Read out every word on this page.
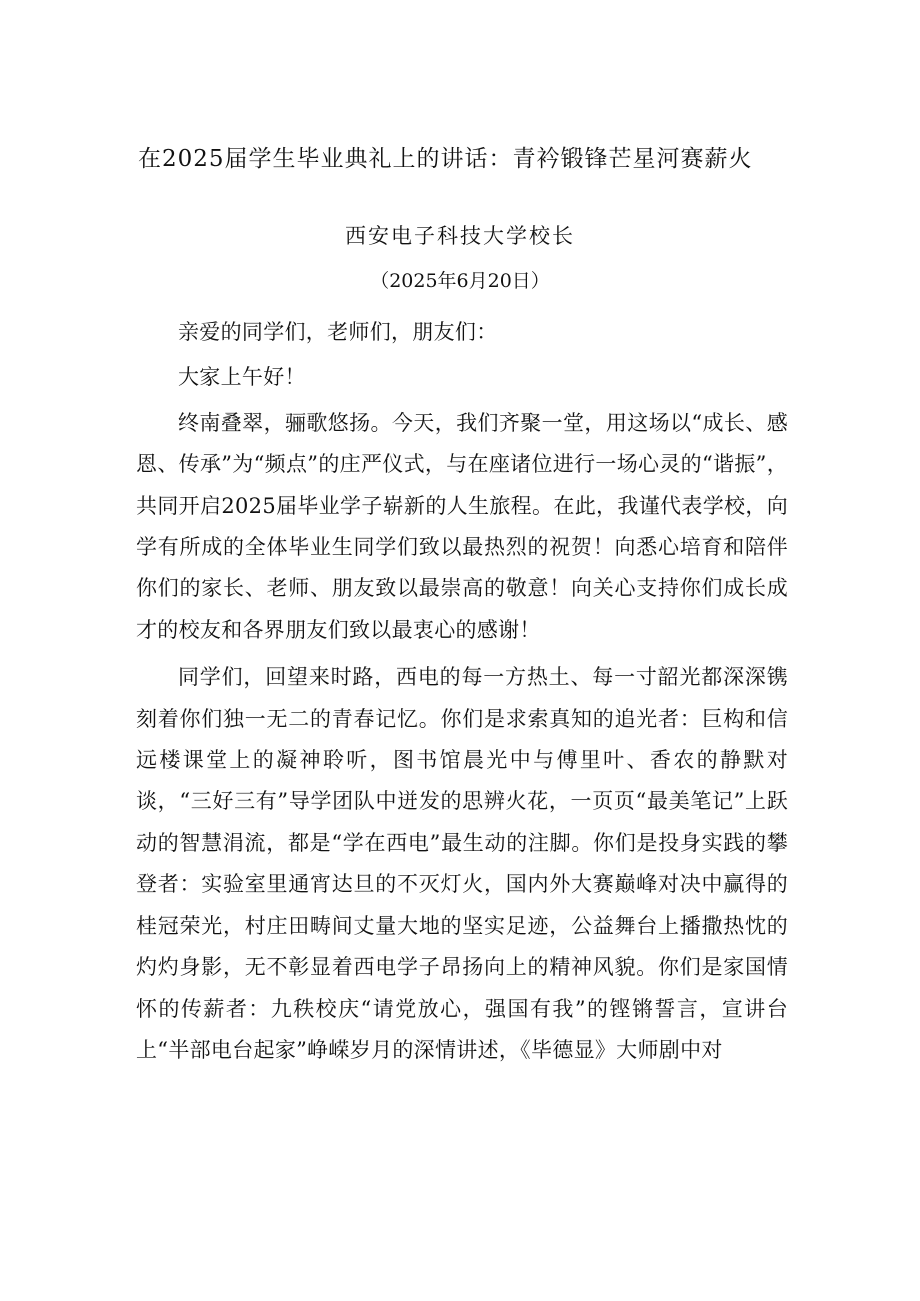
在2025届学生毕业典礼上的讲话：青衿锻锋芒星河赛薪火
西安电子科技大学校长
（2025年6月20日）

亲爱的同学们，老师们，朋友们：

大家上午好！

终南叠翠，骊歌悠扬。今天，我们齐聚一堂，用这场以“成长、感恩、传承”为“频点”的庄严仪式，与在座诸位进行一场心灵的“谐振”，共同开启2025届毕业学子崭新的人生旅程。在此，我谨代表学校，向学有所成的全体毕业生同学们致以最热烈的祝贺！向悉心培育和陪伴你们的家长、老师、朋友致以最崇高的敬意！向关心支持你们成长成才的校友和各界朋友们致以最衷心的感谢！

同学们，回望来时路，西电的每一方热土、每一寸韶光都深深镌刻着你们独一无二的青春记忆。你们是求索真知的追光者：巨构和信远楼课堂上的凝神聆听，图书馆晨光中与傅里叶、香农的静默对谈，“三好三有”导学团队中迸发的思辨火花，一页页“最美笔记”上跃动的智慧涓流，都是“学在西电”最生动的注脚。你们是投身实践的攀登者：实验室里通宵达旦的不灭灯火，国内外大赛巅峰对决中赢得的桂冠荣光，村庄田畴间丈量大地的坚实足迹，公益舞台上播撒热忱的灼灼身影，无不彰显着西电学子昂扬向上的精神风貌。你们是家国情怀的传薪者：九秩校庆“请党放心，强国有我”的铿锵誓言，宣讲台上“半部电台起家”峥嵘岁月的深情讲述，《毕德显》大师剧中对
